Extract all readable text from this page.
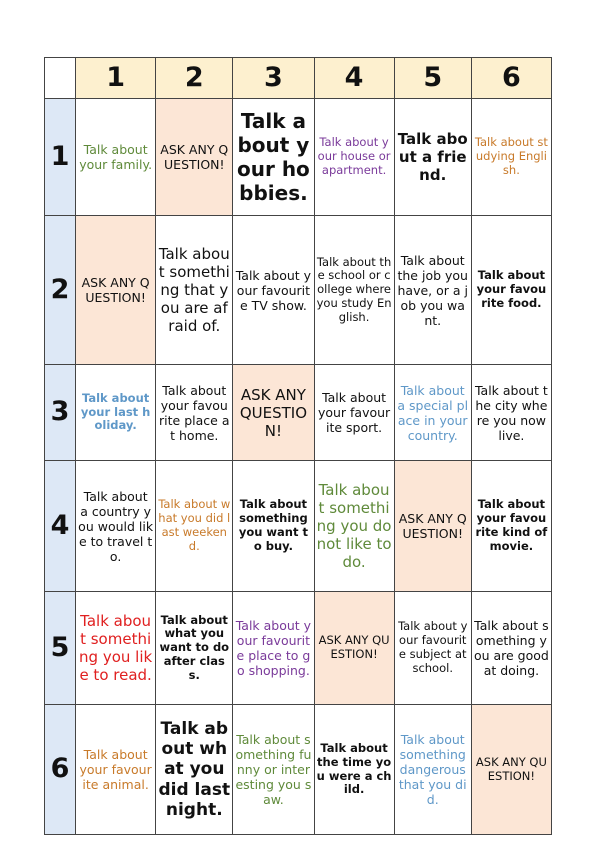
	1	2	3	4	5	6
1	Talk about your family.	ASK ANY QUESTION!	Talk about your hobbies.	Talk about your house or apartment.	Talk about a friend.	Talk about studying English.

2	ASK ANY QUESTION!	Talk about something that you are afraid of.	Talk about your favourite TV show.	Talk about the school or college where you study English.	Talk about the job you have, or a job you want.	Talk about your favourite food.

3	Talk about your last holiday.	Talk about your favourite place at home.	ASK ANY QUESTION!	Talk about your favourite sport.	Talk about a special place in your country.	Talk about the city where you now live.

4	Talk about a country you would like to travel to.	Talk about what you did last weekend.	Talk about something you want to buy.	Talk about something you do not like to do.	ASK ANY QUESTION!	Talk about your favourite kind of movie.

5	Talk about something you like to read.	Talk about what you want to do after class.	Talk about your favourite place to go shopping.	ASK ANY QUESTION!	Talk about your favourite subject at school.	Talk about something you are good at doing.

6	Talk about your favourite animal.	Talk about what you did last night.	Talk about something funny or interesting you saw.	Talk about the time you were a child.	Talk about something dangerous that you did.	ASK ANY QUESTION!
